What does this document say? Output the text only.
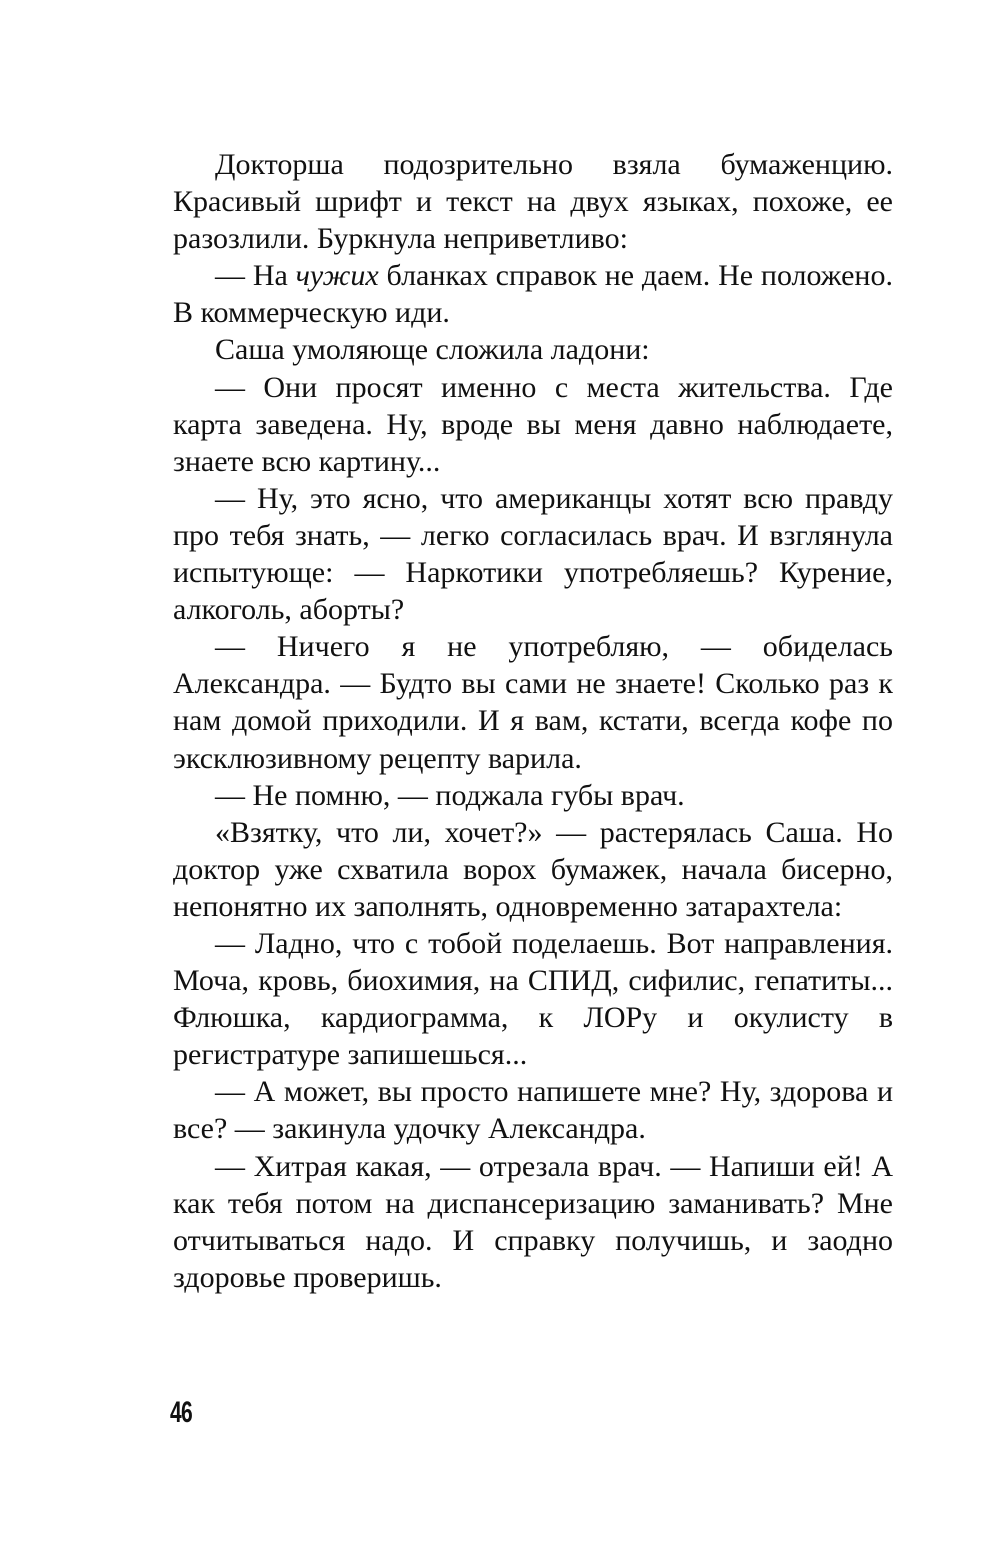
Докторша подозрительно взяла бумаженцию. Красивый шрифт и текст на двух языках, похоже, ее разозлили. Буркнула неприветливо:

— На чужих бланках справок не даем. Не положено. В коммерческую иди.

Саша умоляюще сложила ладони:

— Они просят именно с места жительства. Где карта заведена. Ну, вроде вы меня давно наблюдаете, знаете всю картину...

— Ну, это ясно, что американцы хотят всю правду про тебя знать, — легко согласилась врач. И взглянула испытующе: — Наркотики употребляешь? Курение, алкоголь, аборты?

— Ничего я не употребляю, — обиделась Александра. — Будто вы сами не знаете! Сколько раз к нам домой приходили. И я вам, кстати, всегда кофе по эксклюзивному рецепту варила.

— Не помню, — поджала губы врач.

«Взятку, что ли, хочет?» — растерялась Саша. Но доктор уже схватила ворох бумажек, начала бисерно, непонятно их заполнять, одновременно затарахтела:

— Ладно, что с тобой поделаешь. Вот направления. Моча, кровь, биохимия, на СПИД, сифилис, гепатиты... Флюшка, кардиограмма, к ЛОРу и окулисту в регистратуре запишешься...

— А может, вы просто напишете мне? Ну, здорова и все? — закинула удочку Александра.

— Хитрая какая, — отрезала врач. — Напиши ей! А как тебя потом на диспансеризацию заманивать? Мне отчитываться надо. И справку получишь, и заодно здоровье проверишь.

46
